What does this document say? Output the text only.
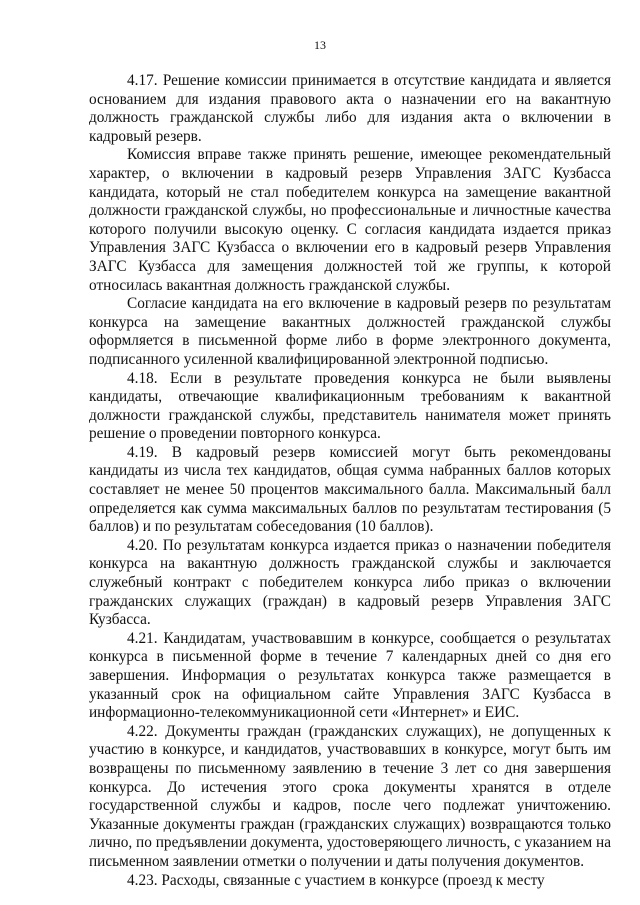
13

4.17. Решение комиссии принимается в отсутствие кандидата и является основанием для издания правового акта о назначении его на вакантную должность гражданской службы либо для издания акта о включении в кадровый резерв.

Комиссия вправе также принять решение, имеющее рекомендательный характер, о включении в кадровый резерв Управления ЗАГС Кузбасса кандидата, который не стал победителем конкурса на замещение вакантной должности гражданской службы, но профессиональные и личностные качества которого получили высокую оценку. С согласия кандидата издается приказ Управления ЗАГС Кузбасса о включении его в кадровый резерв Управления ЗАГС Кузбасса для замещения должностей той же группы, к которой относилась вакантная должность гражданской службы.

Согласие кандидата на его включение в кадровый резерв по результатам конкурса на замещение вакантных должностей гражданской службы оформляется в письменной форме либо в форме электронного документа, подписанного усиленной квалифицированной электронной подписью.

4.18. Если в результате проведения конкурса не были выявлены кандидаты, отвечающие квалификационным требованиям к вакантной должности гражданской службы, представитель нанимателя может принять решение о проведении повторного конкурса.

4.19. В кадровый резерв комиссией могут быть рекомендованы кандидаты из числа тех кандидатов, общая сумма набранных баллов которых составляет не менее 50 процентов максимального балла. Максимальный балл определяется как сумма максимальных баллов по результатам тестирования (5 баллов) и по результатам собеседования (10 баллов).

4.20. По результатам конкурса издается приказ о назначении победителя конкурса на вакантную должность гражданской службы и заключается служебный контракт с победителем конкурса либо приказ о включении гражданских служащих (граждан) в кадровый резерв Управления ЗАГС Кузбасса.

4.21. Кандидатам, участвовавшим в конкурсе, сообщается о результатах конкурса в письменной форме в течение 7 календарных дней со дня его завершения. Информация о результатах конкурса также размещается в указанный срок на официальном сайте Управления ЗАГС Кузбасса в информационно-телекоммуникационной сети «Интернет» и ЕИС.

4.22. Документы граждан (гражданских служащих), не допущенных к участию в конкурсе, и кандидатов, участвовавших в конкурсе, могут быть им возвращены по письменному заявлению в течение 3 лет со дня завершения конкурса. До истечения этого срока документы хранятся в отделе государственной службы и кадров, после чего подлежат уничтожению. Указанные документы граждан (гражданских служащих) возвращаются только лично, по предъявлении документа, удостоверяющего личность, с указанием на письменном заявлении отметки о получении и даты получения документов.

4.23. Расходы, связанные с участием в конкурсе (проезд к месту
